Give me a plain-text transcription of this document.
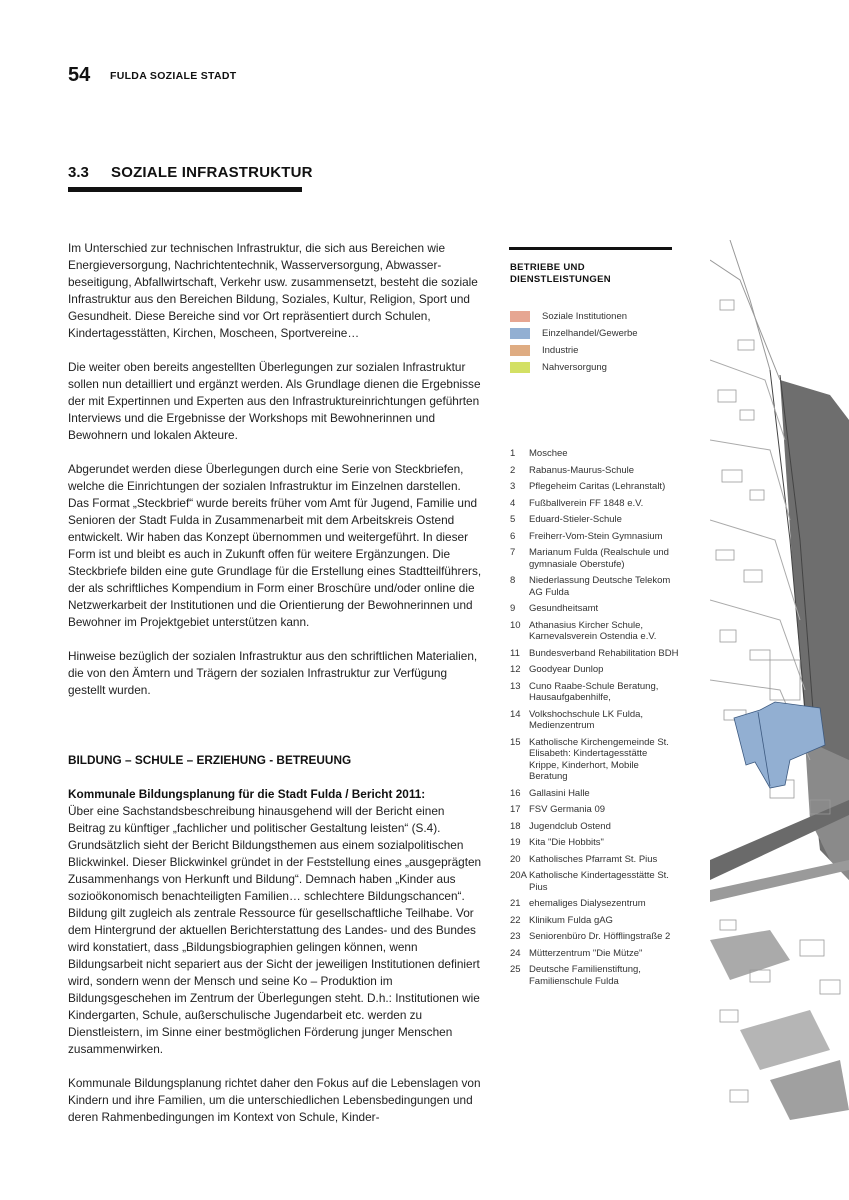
54 FULDA SOZIALE STADT
3.3 SOZIALE INFRASTRUKTUR

Im Unterschied zur technischen Infrastruktur, die sich aus Bereichen wie Energieversorgung, Nachrichtentechnik, Wasserversorgung, Abwasserbeseitigung, Abfallwirtschaft, Verkehr usw. zusammensetzt, besteht die soziale Infrastruktur aus den Bereichen Bildung, Soziales, Kultur, Religion, Sport und Gesundheit. Diese Bereiche sind vor Ort repräsentiert durch Schulen, Kindertagesstätten, Kirchen, Moscheen, Sportvereine…

Die weiter oben bereits angestellten Überlegungen zur sozialen Infrastruktur sollen nun detailliert und ergänzt werden. Als Grundlage dienen die Ergebnisse der mit Expertinnen und Experten aus den Infrastruktureinrichtungen geführten Interviews und die Ergebnisse der Workshops mit Bewohnerinnen und Bewohnern und lokalen Akteure.

Abgerundet werden diese Überlegungen durch eine Serie von Steckbriefen, welche die Einrichtungen der sozialen Infrastruktur im Einzelnen darstellen. Das Format „Steckbrief“ wurde bereits früher vom Amt für Jugend, Familie und Senioren der Stadt Fulda in Zusammenarbeit mit dem Arbeitskreis Ostend entwickelt. Wir haben das Konzept übernommen und weitergeführt. In dieser Form ist und bleibt es auch in Zukunft offen für weitere Ergänzungen. Die Steckbriefe bilden eine gute Grundlage für die Erstellung eines Stadtteilführers, der als schriftliches Kompendium in Form einer Broschüre und/oder online die Netzwerkarbeit der Institutionen und die Orientierung der Bewohnerinnen und Bewohner im Projektgebiet unterstützen kann.

Hinweise bezüglich der sozialen Infrastruktur aus den schriftlichen Materialien, die von den Ämtern und Trägern der sozialen Infrastruktur zur Verfügung gestellt wurden.

BILDUNG – SCHULE – ERZIEHUNG - BETREUUNG

Kommunale Bildungsplanung für die Stadt Fulda / Bericht 2011:

Über eine Sachstandsbeschreibung hinausgehend will der Bericht einen Beitrag zu künftiger „fachlicher und politischer Gestaltung leisten“ (S.4). Grundsätzlich sieht der Bericht Bildungsthemen aus einem sozialpolitischen Blickwinkel. Dieser Blickwinkel gründet in der Feststellung eines „ausgeprägten Zusammenhangs von Herkunft und Bildung“. Demnach haben „Kinder aus sozioökonomisch benachteiligten Familien… schlechtere Bildungschancen“. Bildung gilt zugleich als zentrale Ressource für gesellschaftliche Teilhabe. Vor dem Hintergrund der aktuellen Berichterstattung des Landes- und des Bundes wird konstatiert, dass „Bildungsbiographien gelingen können, wenn Bildungsarbeit nicht separiert aus der Sicht der jeweiligen Institutionen definiert wird, sondern wenn der Mensch und seine Ko – Produktion im Bildungsgeschehen im Zentrum der Überlegungen steht. D.h.: Institutionen wie Kindergarten, Schule, außerschulische Jugendarbeit etc. werden zu Dienstleistern, im Sinne einer bestmöglichen Förderung junger Menschen zusammenwirken.

Kommunale Bildungsplanung richtet daher den Fokus auf die Lebenslagen von Kindern und ihre Familien, um die unterschiedlichen Lebensbedingungen und deren Rahmenbedingungen im Kontext von Schule, Kinder-

BETRIEBE UND DIENSTLEISTUNGEN
Soziale Institutionen
Einzelhandel/Gewerbe
Industrie
Nahversorgung
1	Moschee
2	Rabanus-Maurus-Schule
3	Pflegeheim Caritas (Lehranstalt)
4	Fußballverein FF 1848 e.V.
5	Eduard-Stieler-Schule
6	Freiherr-Vom-Stein Gymnasium
7	Marianum Fulda (Realschule und gymnasiale Oberstufe)
8	Niederlassung Deutsche Telekom AG Fulda
9	Gesundheitsamt
10 Athanasius Kircher Schule, Karnevalsverein Ostendia e.V.
11 Bundesverband Rehabilitation BDH
12 Goodyear Dunlop
13 Cuno Raabe-Schule Beratung, Hausaufgabenhilfe,
14 Volkshochschule LK Fulda, Medienzentrum
15 Katholische Kirchengemeinde St. Elisabeth: Kindertagesstätte Krippe, Kinderhort, Mobile Beratung
16 Gallasini Halle
17 FSV Germania 09
18 Jugendclub Ostend
19 Kita "Die Hobbits"
20 Katholisches Pfarramt St. Pius
20A Katholische Kindertagesstätte St. Pius
21 ehemaliges Dialysezentrum
22 Klinikum Fulda gAG
23 Seniorenbüro Dr. Höfflingstraße 2
24 Mütterzentrum "Die Mütze"
25 Deutsche Familienstiftung, Familienschule Fulda
